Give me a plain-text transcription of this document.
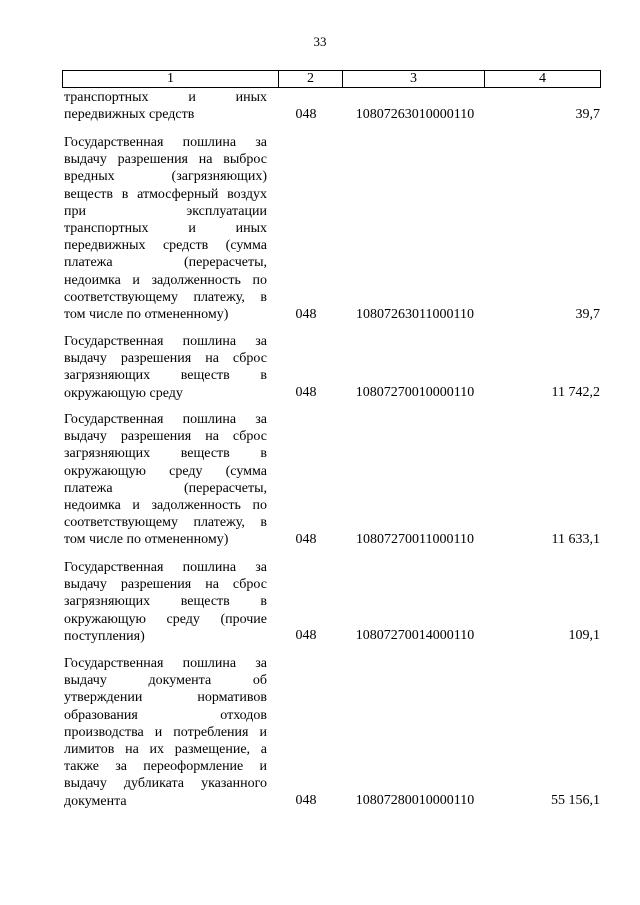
33
1	2	3	4
транспортных и иных
передвижных средств	048	10807263010000110	39,7
Государственная пошлина за
выдачу разрешения на выброс
вредных (загрязняющих)
веществ в атмосферный воздух
при эксплуатации
транспортных и иных
передвижных средств (сумма
платежа (перерасчеты,
недоимка и задолженность по
соответствующему платежу, в
том числе по отмененному)	048	10807263011000110	39,7
Государственная пошлина за
выдачу разрешения на сброс
загрязняющих веществ в
окружающую среду	048	10807270010000110	11 742,2
Государственная пошлина за
выдачу разрешения на сброс
загрязняющих веществ в
окружающую среду (сумма
платежа (перерасчеты,
недоимка и задолженность по
соответствующему платежу, в
том числе по отмененному)	048	10807270011000110	11 633,1
Государственная пошлина за
выдачу разрешения на сброс
загрязняющих веществ в
окружающую среду (прочие
поступления)	048	10807270014000110	109,1
Государственная пошлина за
выдачу документа об
утверждении нормативов
образования отходов
производства и потребления и
лимитов на их размещение, а
также за переоформление и
выдачу дубликата указанного
документа	048	10807280010000110	55 156,1
